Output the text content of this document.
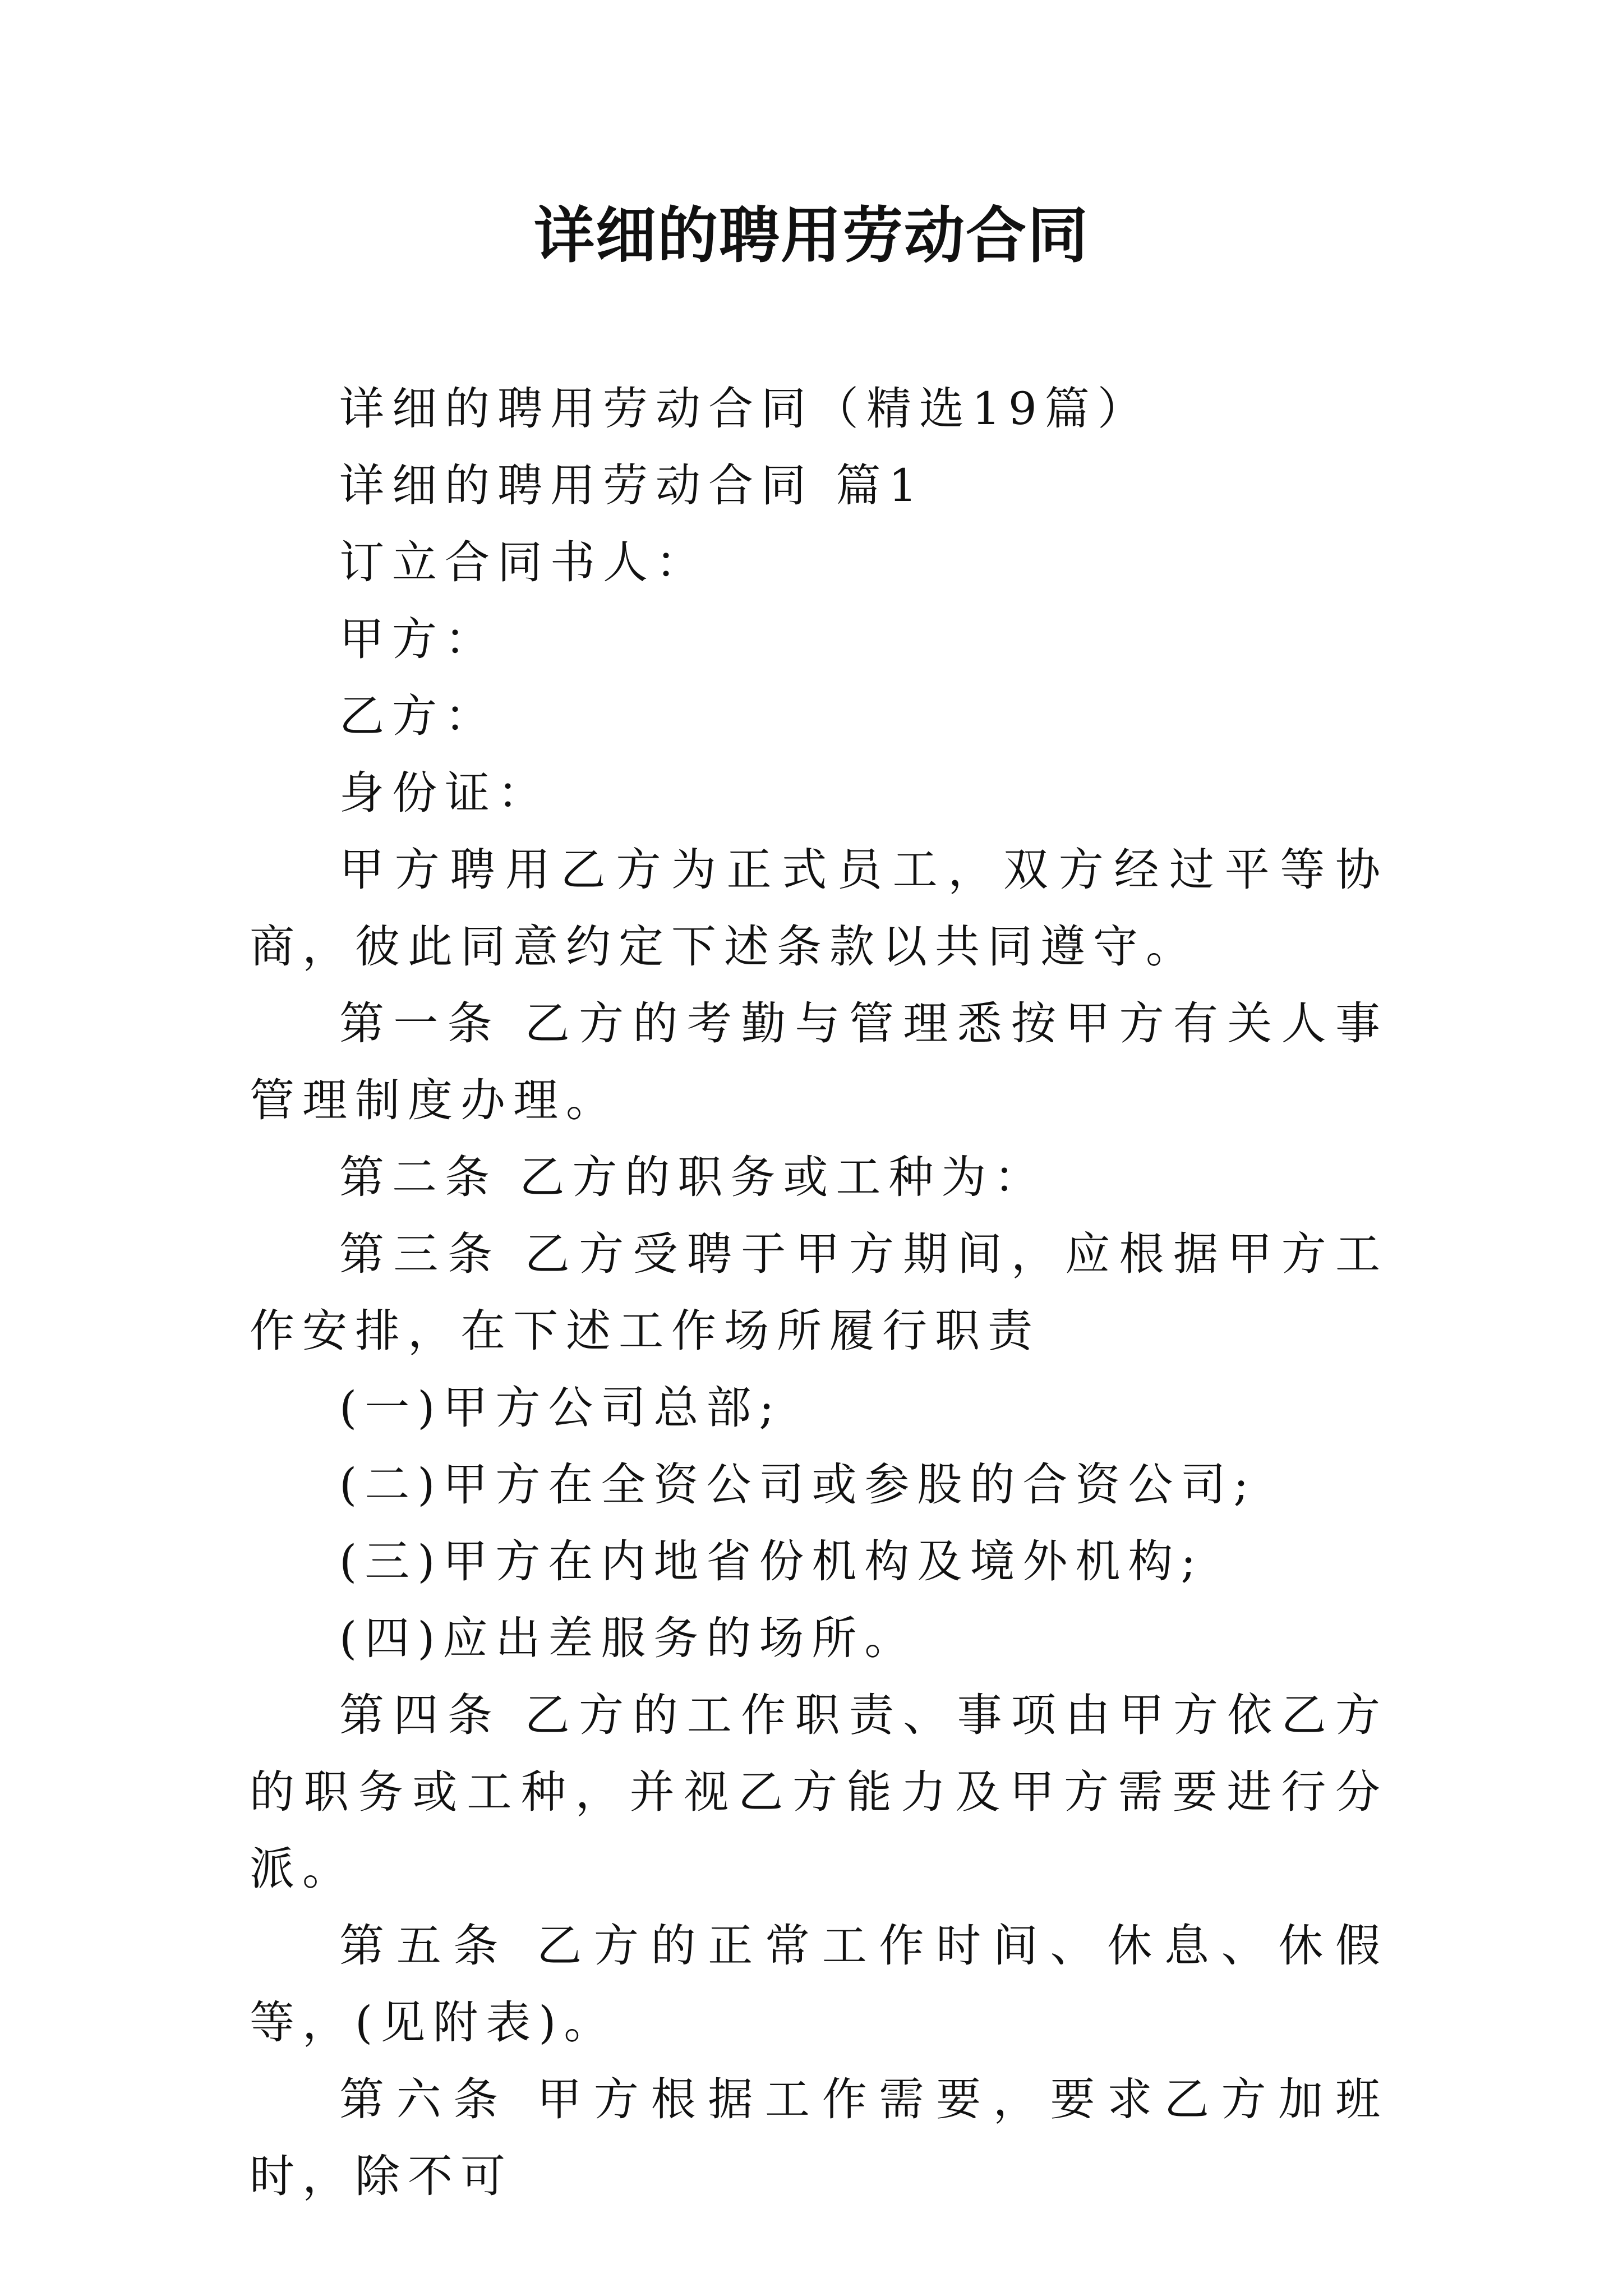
详细的聘用劳动合同

详细的聘用劳动合同（精选19篇）

详细的聘用劳动合同 篇1

订立合同书人：

甲方：

乙方：

身份证：

甲方聘用乙方为正式员工，双方经过平等协商，彼此同意约定下述条款以共同遵守。

第一条 乙方的考勤与管理悉按甲方有关人事管理制度办理。

第二条 乙方的职务或工种为：

第三条 乙方受聘于甲方期间，应根据甲方工作安排，在下述工作场所履行职责

(一)甲方公司总部;

(二)甲方在全资公司或参股的合资公司;

(三)甲方在内地省份机构及境外机构;

(四)应出差服务的场所。

第四条 乙方的工作职责、事项由甲方依乙方的职务或工种，并视乙方能力及甲方需要进行分派。

第五条 乙方的正常工作时间、休息、休假等，(见附表)。

第六条 甲方根据工作需要，要求乙方加班时，除不可
